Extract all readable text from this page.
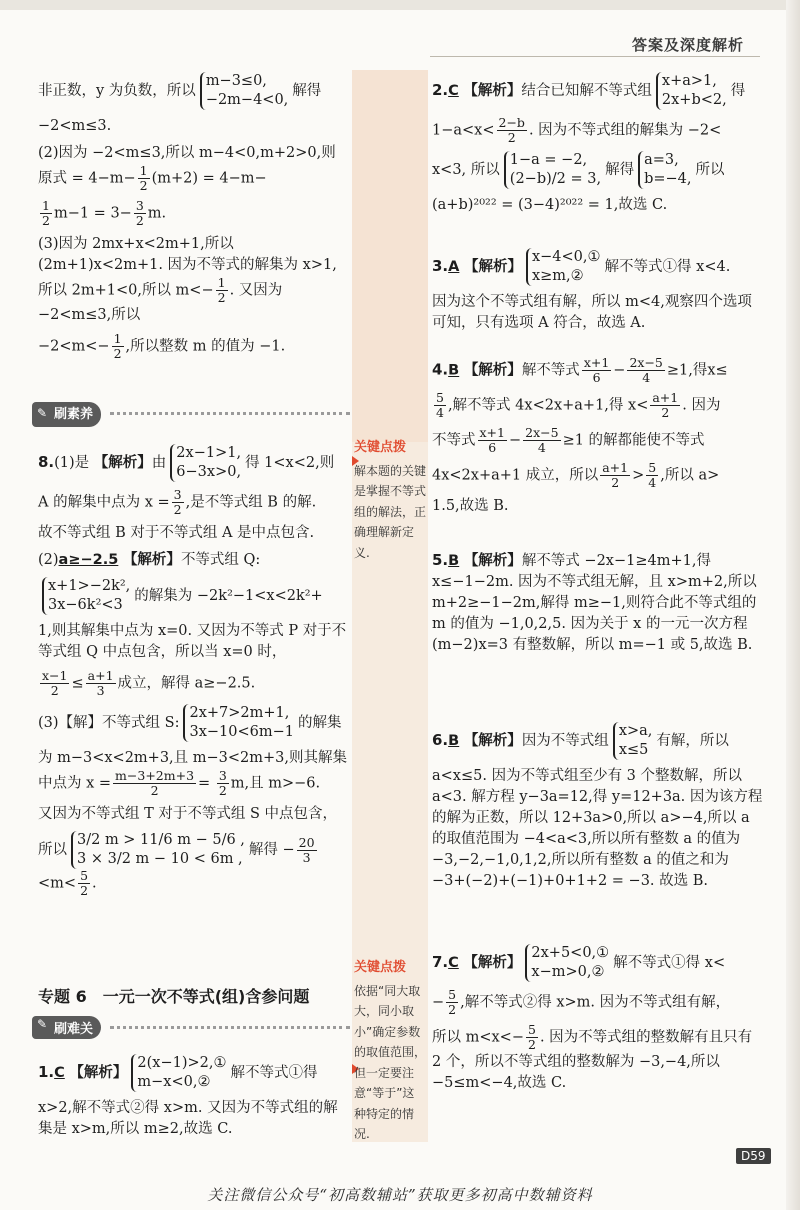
答案及深度解析
非正数，y 为负数，所以m−3≤0,
−2m−4<0,解得
−2<m≤3.
(2)因为 −2<m≤3,所以 m−4<0,m+2>0,则原式 = $4-m- \frac{1}{2} (m+2) = 4-m-$
$\frac{1}{2} m-1 = 3- \frac{3}{2} m$.
(3)因为 2mx+x<2m+1,所以(2m+1)x<2m+1. 因为不等式的解集为 x>1,所以 2m+1<0,所以 $m<- \frac{1}{2}$ . 又因为 −2<m≤3,所以
$-2<m<- \frac{1}{2}$ ,所以整数 m 的值为 −1.
✎ 刷素养
8.(1)是 【解析】由2x−1>1,
6−3x>0,得 1<x<2,则
A 的解集中点为 $x = \frac{3}{2}$ ,是不等式组 B 的解.
故不等式组 B 对于不等式组 A 是中点包含.
(2)a≥−2.5 【解析】不等式组 Q:
x+1>−2k²,
3x−6k²<3的解集为 −2k²−1<x<2k²+
1,则其解集中点为 x=0. 又因为不等式 P 对于不等式组 Q 中点包含，所以当 x=0 时，
$\frac{x-1}{2} \le \frac{a+1}{3}$ 成立，解得 a≥−2.5.
(3)【解】不等式组 S:2x+7>2m+1,
3x−10<6m−1的解集
为 m−3<x<2m+3,且 m−3<2m+3,则其解集中点为 $x = \frac{m-3+2m+3}{2} = \frac{3}{2} m$,且 m>−6.
又因为不等式组 T 对于不等式组 S 中点包含，
所以3/2 m > 11/6 m − 5/6 ,
3 × 3/2 m − 10 < 6m ,解得 − $\frac{20}{3}$
$<m< \frac{5}{2}$ .
专题 6　一元一次不等式(组)含参问题
✎ 刷难关
1.C 【解析】2(x−1)>2,①
m−x<0,②解不等式①得
x>2,解不等式②得 x>m. 又因为不等式组的解集是 x>m,所以 m≥2,故选 C.
关键点拨
解本题的关键是掌握不等式组的解法，正确理解新定义.
关键点拨
依据“同大取大，同小取小”确定参数的取值范围，但一定要注意“等于”这种特定的情况.
2.C 【解析】结合已知解不等式组x+a>1,
2x+b<2,得
$1-a<x< \frac{2-b}{2}$ . 因为不等式组的解集为 −2<
x<3, 所以1−a = −2,
(2−b)/2 = 3,解得a=3,
b=−4,所以
(a+b)²⁰²² = (3−4)²⁰²² = 1,故选 C.
3.A 【解析】x−4<0,①
x≥m,②解不等式①得 x<4.
因为这个不等式组有解，所以 m<4,观察四个选项可知，只有选项 A 符合，故选 A.
4.B 【解析】解不等式 $\frac{x+1}{6} - \frac{2x-5}{4} \ge 1$,得x≤
$\frac{5}{4}$ ,解不等式 4x<2x+a+1,得 $x< \frac{a+1}{2}$ . 因为
不等式 $\frac{x+1}{6} - \frac{2x-5}{4} \ge 1$ 的解都能使不等式
4x<2x+a+1 成立，所以 $\frac{a+1}{2} > \frac{5}{4}$ ,所以 a>
1.5,故选 B.
5.B 【解析】解不等式 −2x−1≥4m+1,得 x≤−1−2m. 因为不等式组无解，且 x>m+2,所以 m+2≥−1−2m,解得 m≥−1,则符合此不等式组的 m 的值为 −1,0,2,5. 因为关于 x 的一元一次方程(m−2)x=3 有整数解，所以 m=−1 或 5,故选 B.
6.B 【解析】因为不等式组x>a,
x≤5有解，所以
a<x≤5. 因为不等式组至少有 3 个整数解，所以 a<3. 解方程 y−3a=12,得 y=12+3a. 因为该方程的解为正数，所以 12+3a>0,所以 a>−4,所以 a 的取值范围为 −4<a<3,所以所有整数 a 的值为 −3,−2,−1,0,1,2,所以所有整数 a 的值之和为 −3+(−2)+(−1)+0+1+2 = −3. 故选 B.
7.C 【解析】2x+5<0,①
x−m>0,②解不等式①得 x<
− $\frac{5}{2}$ ,解不等式②得 x>m. 因为不等式组有解，
所以 $m<x<- \frac{5}{2}$ . 因为不等式组的整数解有且只有 2 个，所以不等式组的整数解为 −3,−4,所以 −5≤m<−4,故选 C.
D59
关注微信公众号“初高数辅站”获取更多初高中数辅资料
